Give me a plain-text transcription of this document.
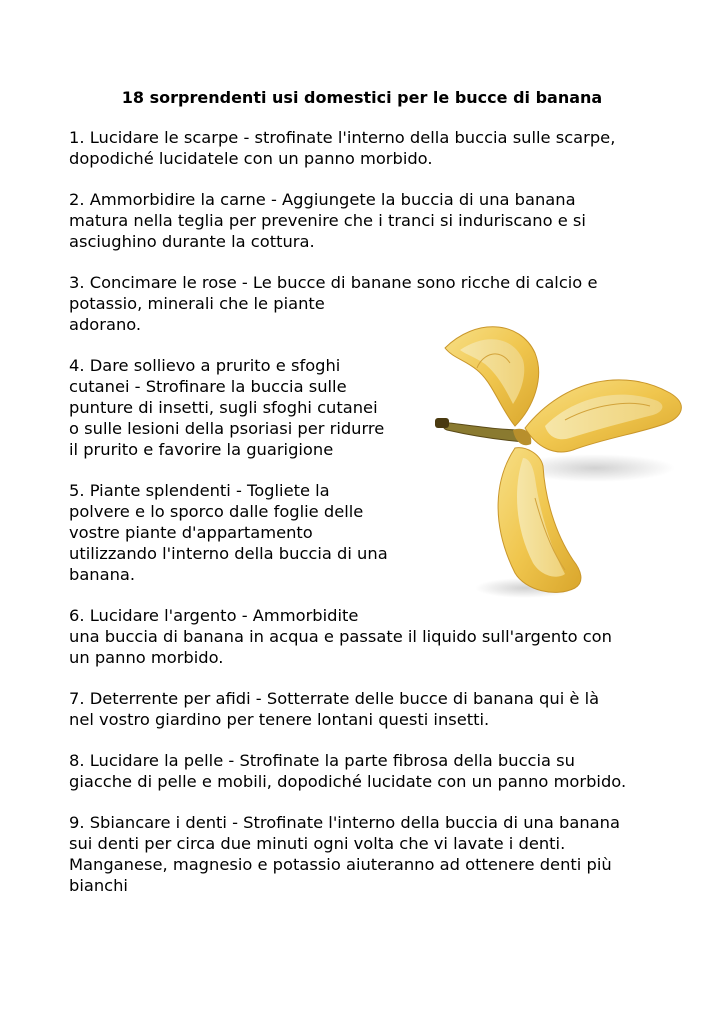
18 sorprendenti usi domestici per le bucce di banana

1. Lucidare le scarpe - strofinate l'interno della buccia sulle scarpe,

dopodiché lucidatele con un panno morbido.

2. Ammorbidire la carne - Aggiungete la buccia di una banana

matura nella teglia per prevenire che i tranci si induriscano e si

asciughino durante la cottura.

3. Concimare le rose - Le bucce di banane sono ricche di calcio e

potassio, minerali che le piante

adorano.

4. Dare sollievo a prurito e sfoghi

cutanei - Strofinare la buccia sulle

punture di insetti, sugli sfoghi cutanei

o sulle lesioni della psoriasi per ridurre

il prurito e favorire la guarigione

5. Piante splendenti - Togliete la

polvere e lo sporco dalle foglie delle

vostre piante d'appartamento

utilizzando l'interno della buccia di una

banana.

6. Lucidare l'argento - Ammorbidite

una buccia di banana in acqua e passate il liquido sull'argento con

un panno morbido.

7. Deterrente per afidi - Sotterrate delle bucce di banana qui è là

nel vostro giardino per tenere lontani questi insetti.

8. Lucidare la pelle - Strofinate la parte fibrosa della buccia su

giacche di pelle e mobili, dopodiché lucidate con un panno morbido.

9. Sbiancare i denti - Strofinate l'interno della buccia di una banana

sui denti per circa due minuti ogni volta che vi lavate i denti.

Manganese, magnesio e potassio aiuteranno ad ottenere denti più

bianchi
